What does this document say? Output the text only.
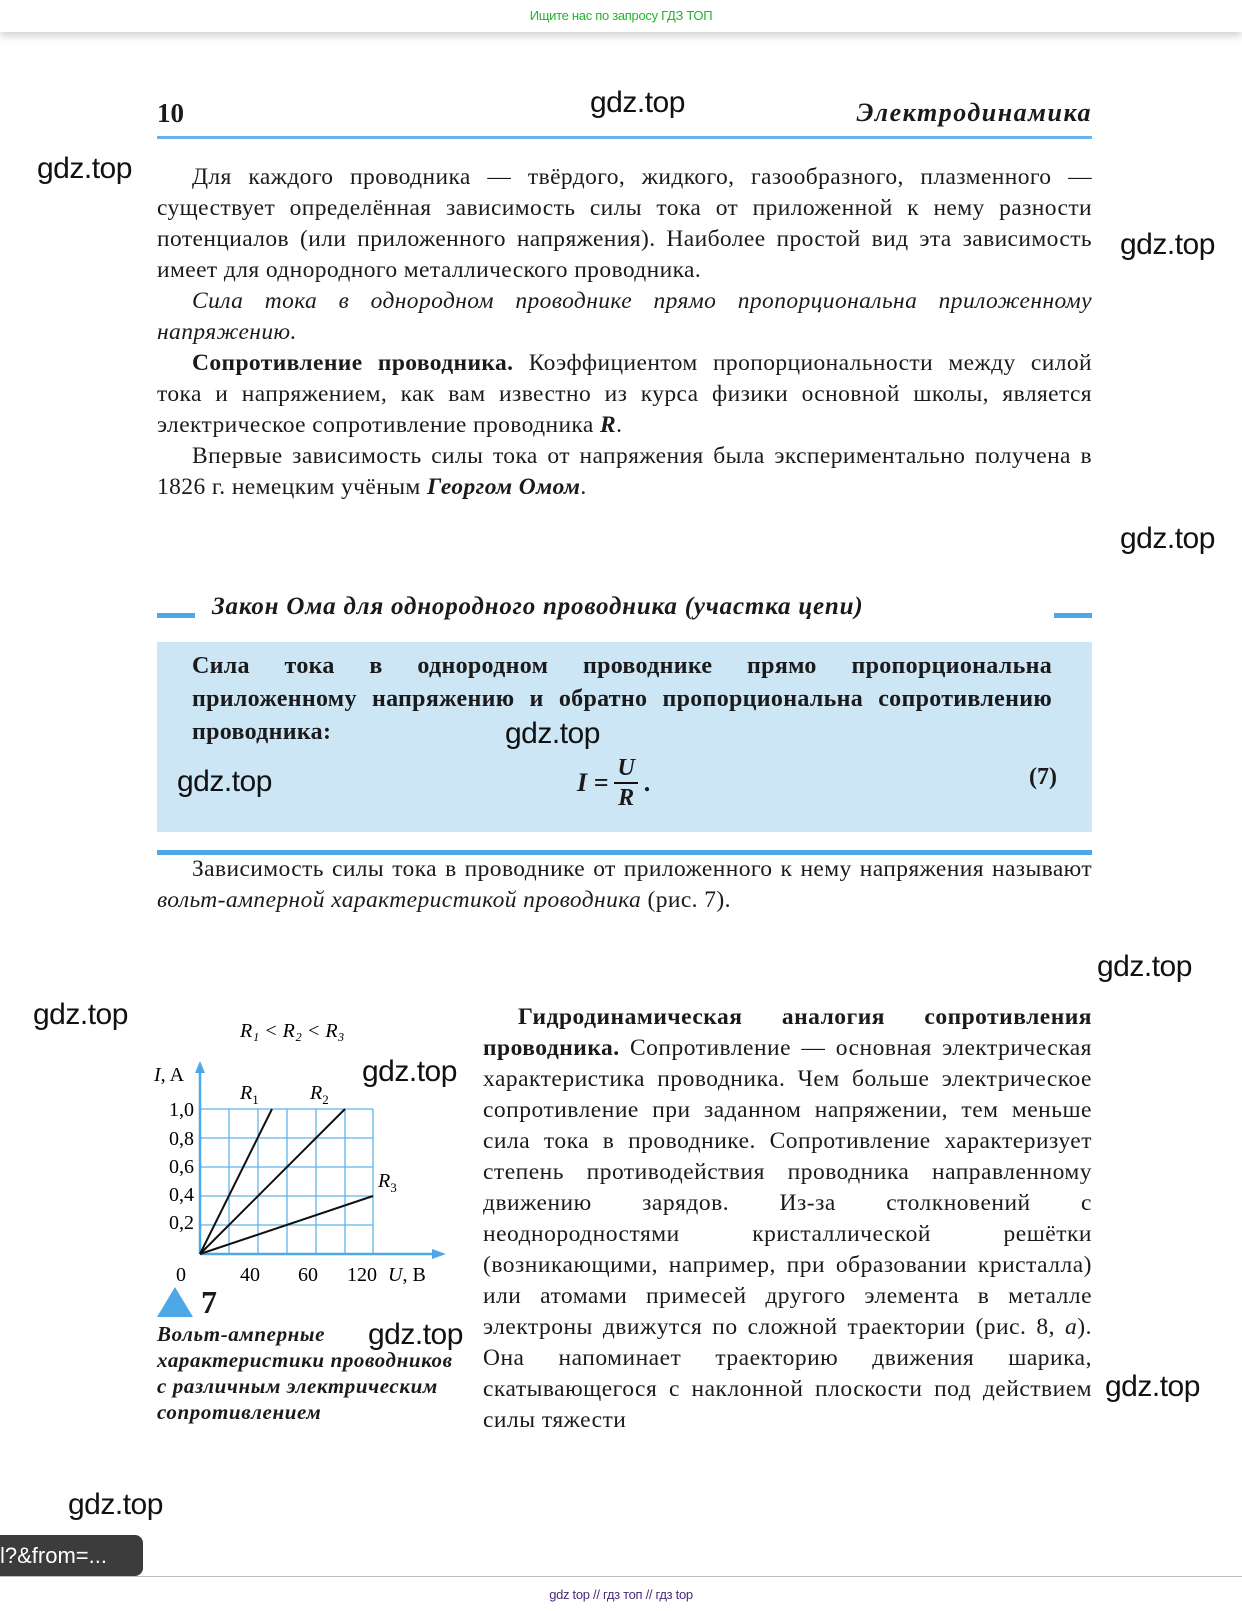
Ищите нас по запросу ГДЗ ТОП
10	Электродинамика

Для каждого проводника — твёрдого, жидкого, газообразного, плазменного — существует определённая зависимость силы тока от приложенной к нему разности потенциалов (или приложенного напряжения). Наиболее простой вид эта зависимость имеет для однородного металлического проводника.

Сила тока в однородном проводнике прямо пропорциональна приложенному напряжению.

Сопротивление проводника. Коэффициентом пропорциональности между силой тока и напряжением, как вам известно из курса физики основной школы, является электрическое сопротивление проводника R.

Впервые зависимость силы тока от напряжения была экспериментально получена в 1826 г. немецким учёным Георгом Омом.

Закон Ома для однородного проводника (участка цепи)
Сила тока в однородном проводнике прямо пропорциональна приложенному напряжению и обратно пропорциональна сопротивлению проводника:
$I = \frac{U}{R}$ .	(7)

Зависимость силы тока в проводнике от приложенного к нему напряжения называют вольт-амперной характеристикой проводника (рис. 7).

R₁ < R₂ < R₃
I, A
$R_1$	$R_2$
$R_3$
1,0
0,8
0,6
0,4
0,2
0	40 60 120 U, B
7
Вольт-амперные характеристики проводников с различным электрическим сопротивлением

Гидродинамическая аналогия сопротивления проводника. Сопротивление — основная электрическая характеристика проводника. Чем больше электрическое сопротивление при заданном напряжении, тем меньше сила тока в проводнике. Сопротивление характеризует степень противодействия проводника направленному движению зарядов. Из-за столкновений с неоднородностями кристаллической решётки (возникающими, например, при образовании кристалла) или атомами примесей другого элемента в металле электроны движутся по сложной траектории (рис. 8, а). Она напоминает траекторию движения шарика, скатывающегося с наклонной плоскости под действием силы тяжести

gdz.top
gdz.top
gdz.top
gdz.top
gdz.top
gdz.top
gdz.top
gdz.top
gdz.top
gdz.top
gdz.top
gdz.top
l?&from=...
gdz top // гдз топ // гдз top
